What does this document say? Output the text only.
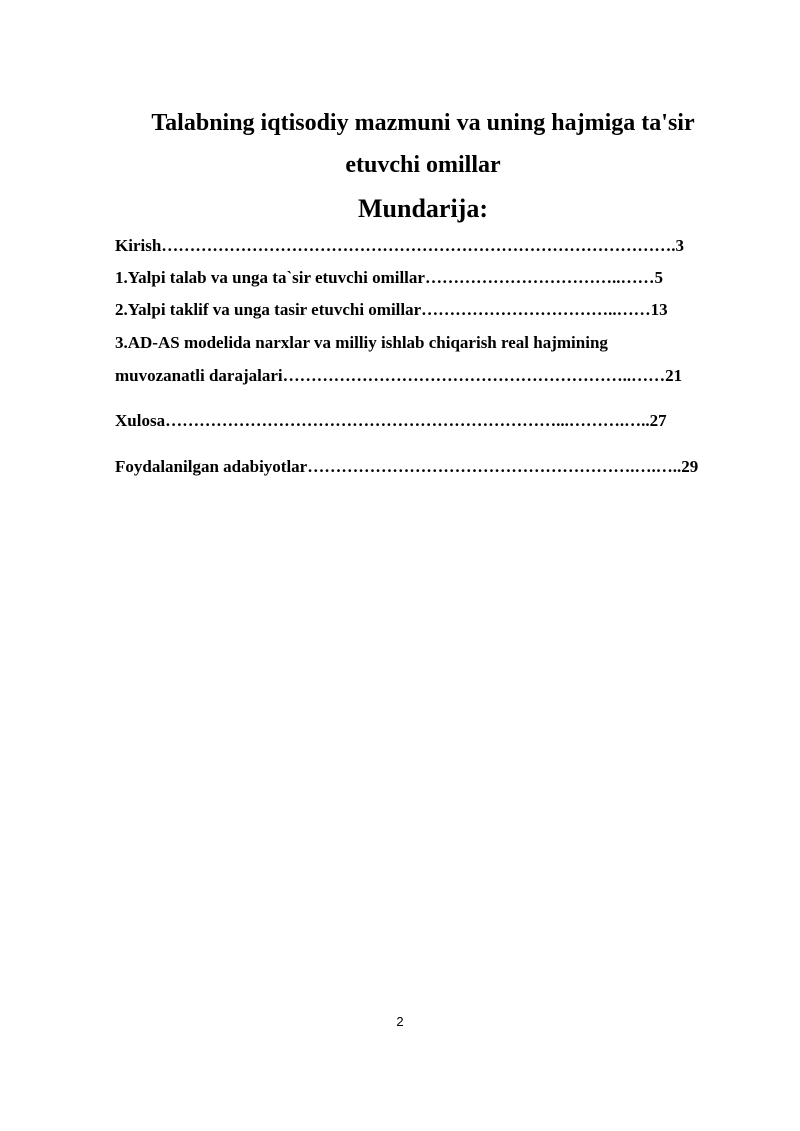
Talabning iqtisodiy mazmuni va uning hajmiga ta'sir
etuvchi omillar
Mundarija:
Kirish……………………………………………………………………………….3
1.Yalpi talab va unga ta`sir etuvchi omillar……………………………..……5
2.Yalpi taklif va unga tasir etuvchi omillar……………………………..……13
3.AD-AS modelida narxlar va milliy ishlab chiqarish real hajmining
muvozanatli darajalari……………………………………………………..……21
Xulosa……………………………………………………………...……….…..27
Foydalanilgan adabiyotlar………………………………………………….….…..29
2
